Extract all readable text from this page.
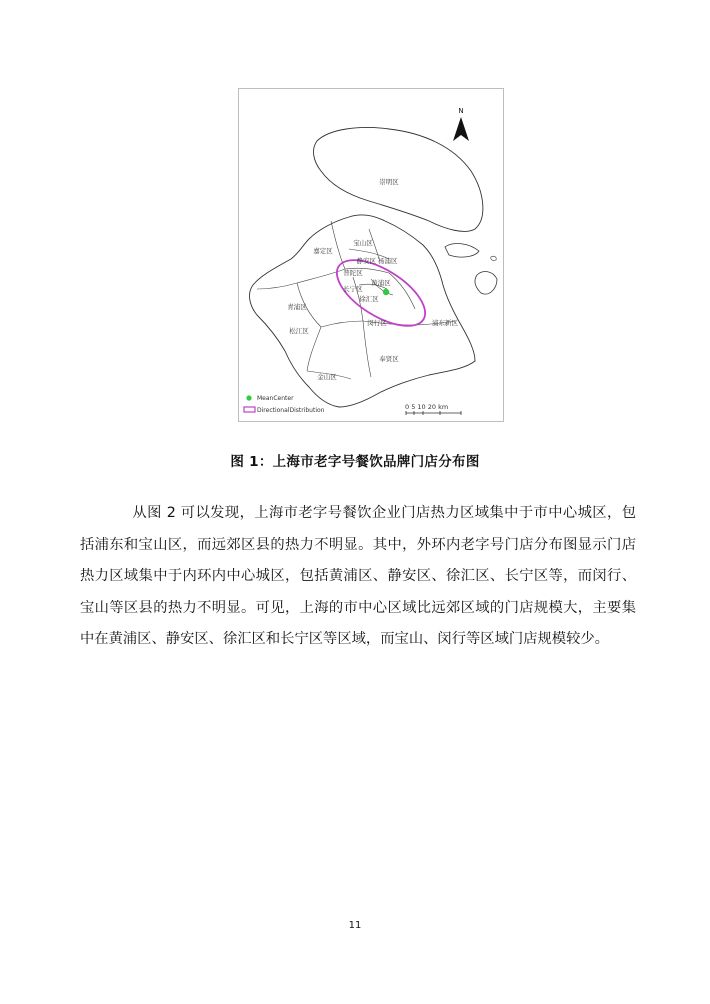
N
崇明区
宝山区
嘉定区
静安区 杨浦区
普陀区
黄浦区
长宁区
徐汇区
青浦区
松江区
闵行区	浦东新区
奉贤区
金山区
MeanCenter
DirectionalDistribution	0 5 10 20 km
图 1：上海市老字号餐饮品牌门店分布图

从图 2 可以发现，上海市老字号餐饮企业门店热力区域集中于市中心城区，包括浦东和宝山区，而远郊区县的热力不明显。其中，外环内老字号门店分布图显示门店热力区域集中于内环内中心城区，包括黄浦区、静安区、徐汇区、长宁区等，而闵行、宝山等区县的热力不明显。可见，上海的市中心区域比远郊区域的门店规模大，主要集中在黄浦区、静安区、徐汇区和长宁区等区域，而宝山、闵行等区域门店规模较少。

11
